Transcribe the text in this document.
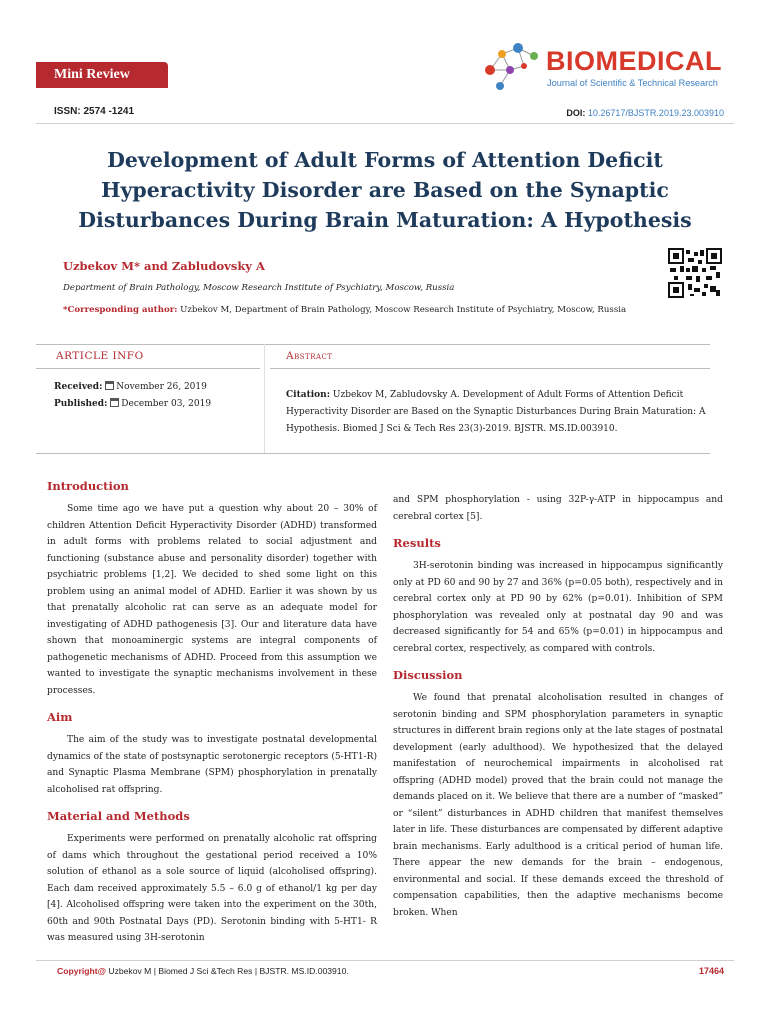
Mini Review	BIOMEDICAL
Journal of Scientific & Technical Research
ISSN: 2574 -1241	DOI: 10.26717/BJSTR.2019.23.003910
Development of Adult Forms of Attention Deficit
Hyperactivity Disorder are Based on the Synaptic
Disturbances During Brain Maturation: A Hypothesis
Uzbekov M* and Zabludovsky A
Department of Brain Pathology, Moscow Research Institute of Psychiatry, Moscow, Russia
*Corresponding author: Uzbekov M, Department of Brain Pathology, Moscow Research Institute of Psychiatry, Moscow, Russia
ARTICLE INFO	Abstract
Received: November 26, 2019
Published: December 03, 2019
Citation: Uzbekov M, Zabludovsky A. Development of Adult Forms of Attention Deficit Hyperactivity Disorder are Based on the Synaptic Disturbances During Brain Maturation: A Hypothesis. Biomed J Sci & Tech Res 23(3)-2019. BJSTR. MS.ID.003910.
Introduction

Some time ago we have put a question why about 20 – 30% of children Attention Deficit Hyperactivity Disorder (ADHD) transformed in adult forms with problems related to social adjustment and functioning (substance abuse and personality disorder) together with psychiatric problems [1,2]. We decided to shed some light on this problem using an animal model of ADHD. Earlier it was shown by us that prenatally alcoholic rat can serve as an adequate model for investigating of ADHD pathogenesis [3]. Our and literature data have shown that monoaminergic systems are integral components of pathogenetic mechanisms of ADHD. Proceed from this assumption we wanted to investigate the synaptic mechanisms involvement in these processes.

Aim

The aim of the study was to investigate postnatal developmental dynamics of the state of postsynaptic serotonergic receptors (5-HT1-R) and Synaptic Plasma Membrane (SPM) phosphorylation in prenatally alcoholised rat offspring.

Material and Methods

Experiments were performed on prenatally alcoholic rat offspring of dams which throughout the gestational period received a 10% solution of ethanol as a sole source of liquid (alcoholised offspring). Each dam received approximately 5.5 – 6.0 g of ethanol/1 kg per day [4]. Alcoholised offspring were taken into the experiment on the 30th, 60th and 90th Postnatal Days (PD). Serotonin binding with 5-HT1- R was measured using 3H-serotonin

and SPM phosphorylation - using 32P-γ-ATP in hippocampus and cerebral cortex [5].

Results

3H-serotonin binding was increased in hippocampus significantly only at PD 60 and 90 by 27 and 36% (p=0.05 both), respectively and in cerebral cortex only at PD 90 by 62% (p=0.01). Inhibition of SPM phosphorylation was revealed only at postnatal day 90 and was decreased significantly for 54 and 65% (p=0.01) in hippocampus and cerebral cortex, respectively, as compared with controls.

Discussion

We found that prenatal alcoholisation resulted in changes of serotonin binding and SPM phosphorylation parameters in synaptic structures in different brain regions only at the late stages of postnatal development (early adulthood). We hypothesized that the delayed manifestation of neurochemical impairments in alcoholised rat offspring (ADHD model) proved that the brain could not manage the demands placed on it. We believe that there are a number of “masked” or “silent” disturbances in ADHD children that manifest themselves later in life. These disturbances are compensated by different adaptive brain mechanisms. Early adulthood is a critical period of human life. There appear the new demands for the brain – endogenous, environmental and social. If these demands exceed the threshold of compensation capabilities, then the adaptive mechanisms become broken. When

Copyright@ Uzbekov M | Biomed J Sci &Tech Res | BJSTR. MS.ID.003910.	17464
